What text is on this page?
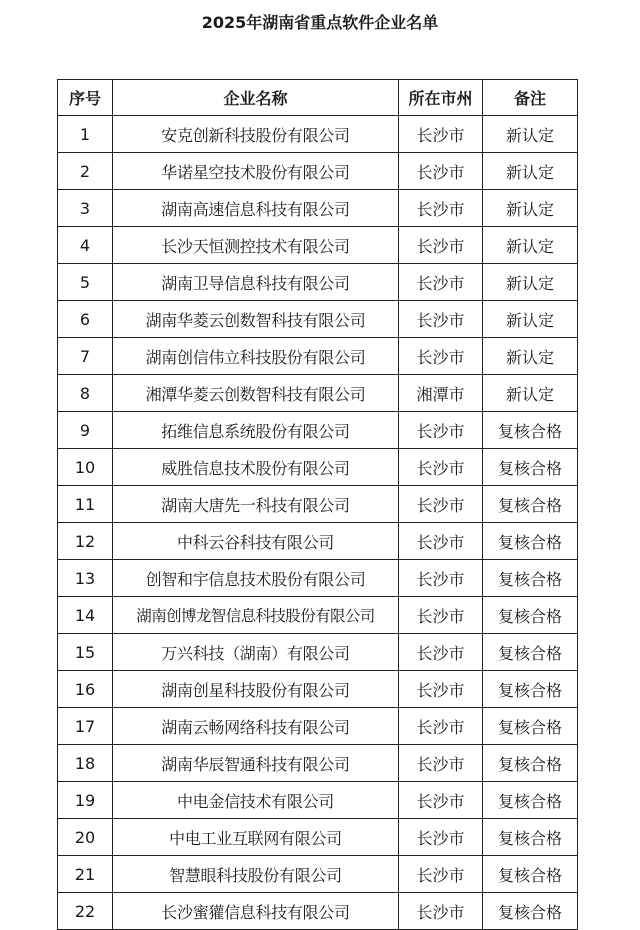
2025年湖南省重点软件企业名单
序号	企业名称	所在市州	备注
1	安克创新科技股份有限公司	长沙市	新认定
2	华诺星空技术股份有限公司	长沙市	新认定
3	湖南高速信息科技有限公司	长沙市	新认定
4	长沙天恒测控技术有限公司	长沙市	新认定
5	湖南卫导信息科技有限公司	长沙市	新认定
6	湖南华菱云创数智科技有限公司	长沙市	新认定
7	湖南创信伟立科技股份有限公司	长沙市	新认定
8	湘潭华菱云创数智科技有限公司	湘潭市	新认定
9	拓维信息系统股份有限公司	长沙市	复核合格
10	威胜信息技术股份有限公司	长沙市	复核合格
11	湖南大唐先一科技有限公司	长沙市	复核合格
12	中科云谷科技有限公司	长沙市	复核合格
13	创智和宇信息技术股份有限公司	长沙市	复核合格
14	湖南创博龙智信息科技股份有限公司	长沙市	复核合格
15	万兴科技（湖南）有限公司	长沙市	复核合格
16	湖南创星科技股份有限公司	长沙市	复核合格
17	湖南云畅网络科技有限公司	长沙市	复核合格
18	湖南华辰智通科技有限公司	长沙市	复核合格
19	中电金信技术有限公司	长沙市	复核合格
20	中电工业互联网有限公司	长沙市	复核合格
21	智慧眼科技股份有限公司	长沙市	复核合格
22	长沙蜜獾信息科技有限公司	长沙市	复核合格
